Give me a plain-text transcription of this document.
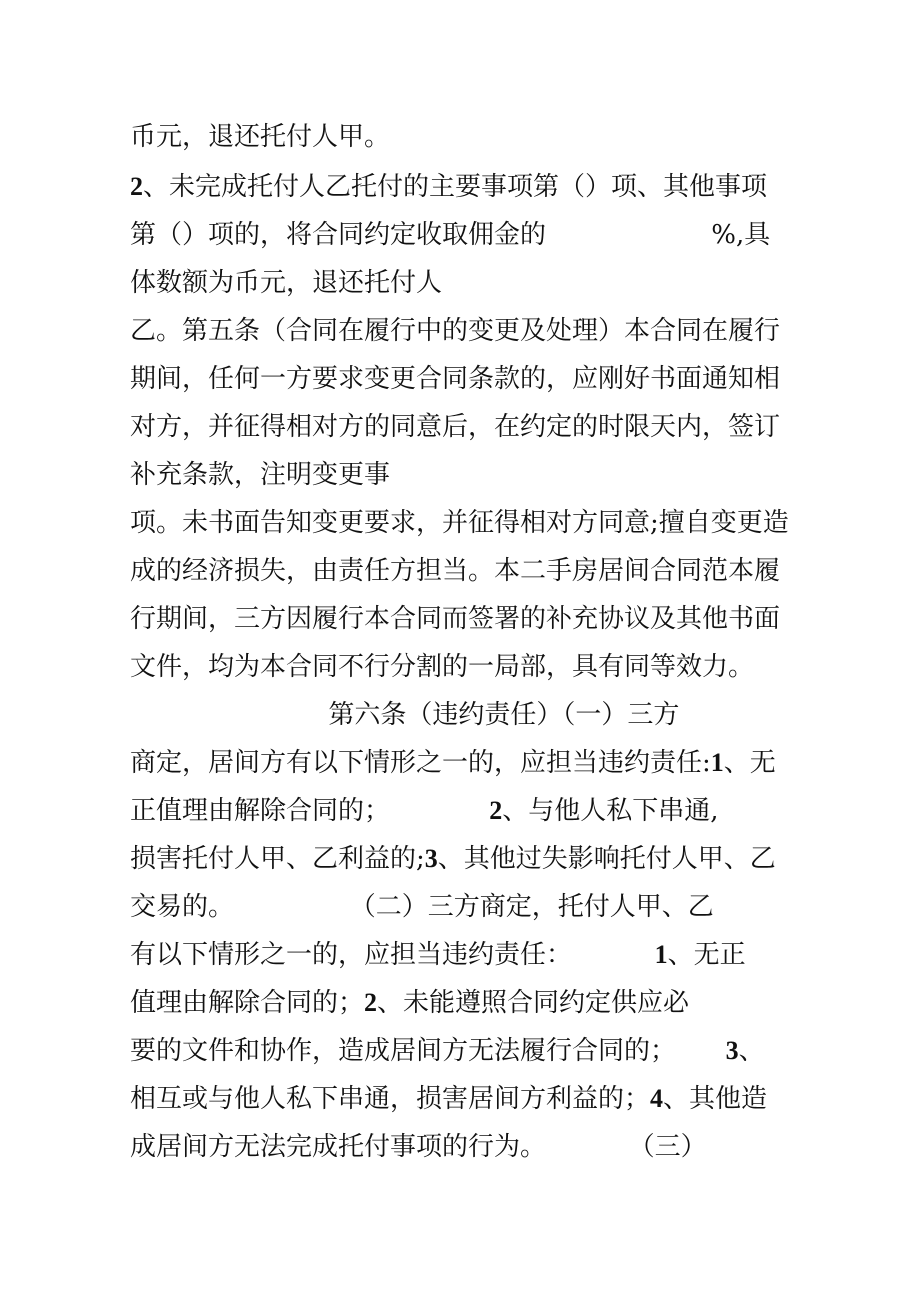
币元，退还托付人甲。
2、未完成托付人乙托付的主要事项第（）项、其他事项
第（）项的，将合同约定收取佣金的                    %,具
体数额为币元，退还托付人
乙。第五条（合同在履行中的变更及处理）本合同在履行
期间，任何一方要求变更合同条款的，应刚好书面通知相
对方，并征得相对方的同意后，在约定的时限天内，签订
补充条款，注明变更事
项。未书面告知变更要求，并征得相对方同意;擅自变更造
成的经济损失，由责任方担当。本二手房居间合同范本履
行期间，三方因履行本合同而签署的补充协议及其他书面
文件，均为本合同不行分割的一局部，具有同等效力。
第六条（违约责任）（一）三方
商定，居间方有以下情形之一的，应担当违约责任:1、无
正值理由解除合同的；            2、与他人私下串通,
损害托付人甲、乙利益的;3、其他过失影响托付人甲、乙
交易的。              （二）三方商定，托付人甲、乙
有以下情形之一的，应担当违约责任：          1、无正
值理由解除合同的；2、未能遵照合同约定供应必
要的文件和协作，造成居间方无法履行合同的；      3、
相互或与他人私下串通，损害居间方利益的；4、其他造
成居间方无法完成托付事项的行为。          （三）
